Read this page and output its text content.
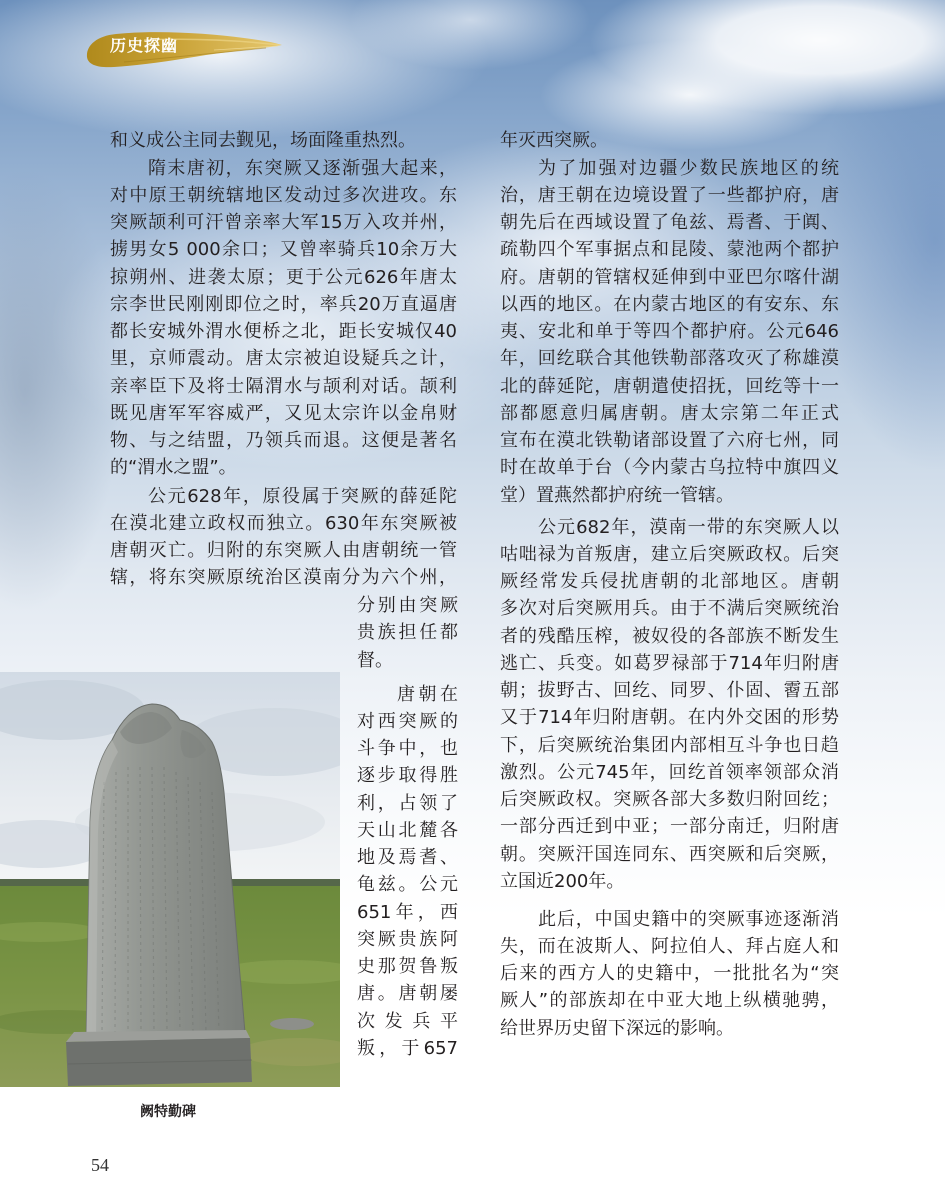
历史探幽
和义成公主同去觐见，场面隆重热烈。
隋末唐初，东突厥又逐渐强大起来，
对中原王朝统辖地区发动过多次进攻。东
突厥颉利可汗曾亲率大军15万入攻并州，
掳男女5 000余口；又曾率骑兵10余万大
掠朔州、进袭太原；更于公元626年唐太
宗李世民刚刚即位之时，率兵20万直逼唐
都长安城外渭水便桥之北，距长安城仅40
里，京师震动。唐太宗被迫设疑兵之计，
亲率臣下及将士隔渭水与颉利对话。颉利
既见唐军军容威严，又见太宗许以金帛财
物、与之结盟，乃领兵而退。这便是著名
的“渭水之盟”。
公元628年，原役属于突厥的薛延陀
在漠北建立政权而独立。630年东突厥被
唐朝灭亡。归附的东突厥人由唐朝统一管
辖，将东突厥原统治区漠南分为六个州，
分别由突厥
贵族担任都
督。
唐朝在
对西突厥的
斗争中，也
逐步取得胜
利，占领了
天山北麓各
地及焉耆、
龟兹。公元
651年，西
突厥贵族阿
史那贺鲁叛
唐。唐朝屡
次发兵平
叛，于657
年灭西突厥。
为了加强对边疆少数民族地区的统
治，唐王朝在边境设置了一些都护府，唐
朝先后在西域设置了龟兹、焉耆、于阗、
疏勒四个军事据点和昆陵、蒙池两个都护
府。唐朝的管辖权延伸到中亚巴尔喀什湖
以西的地区。在内蒙古地区的有安东、东
夷、安北和单于等四个都护府。公元646
年，回纥联合其他铁勒部落攻灭了称雄漠
北的薛延陀，唐朝遣使招抚，回纥等十一
部都愿意归属唐朝。唐太宗第二年正式
宣布在漠北铁勒诸部设置了六府七州，同
时在故单于台（今内蒙古乌拉特中旗四义
堂）置燕然都护府统一管辖。
公元682年，漠南一带的东突厥人以
咕咄禄为首叛唐，建立后突厥政权。后突
厥经常发兵侵扰唐朝的北部地区。唐朝
多次对后突厥用兵。由于不满后突厥统治
者的残酷压榨，被奴役的各部族不断发生
逃亡、兵变。如葛罗禄部于714年归附唐
朝；拔野古、回纥、同罗、仆固、霫五部
又于714年归附唐朝。在内外交困的形势
下，后突厥统治集团内部相互斗争也日趋
激烈。公元745年，回纥首领率领部众消
后突厥政权。突厥各部大多数归附回纥；
一部分西迁到中亚；一部分南迁，归附唐
朝。突厥汗国连同东、西突厥和后突厥，
立国近200年。
此后，中国史籍中的突厥事迹逐渐消
失，而在波斯人、阿拉伯人、拜占庭人和
后来的西方人的史籍中，一批批名为“突
厥人”的部族却在中亚大地上纵横驰骋，
给世界历史留下深远的影响。
阙特勤碑
54
